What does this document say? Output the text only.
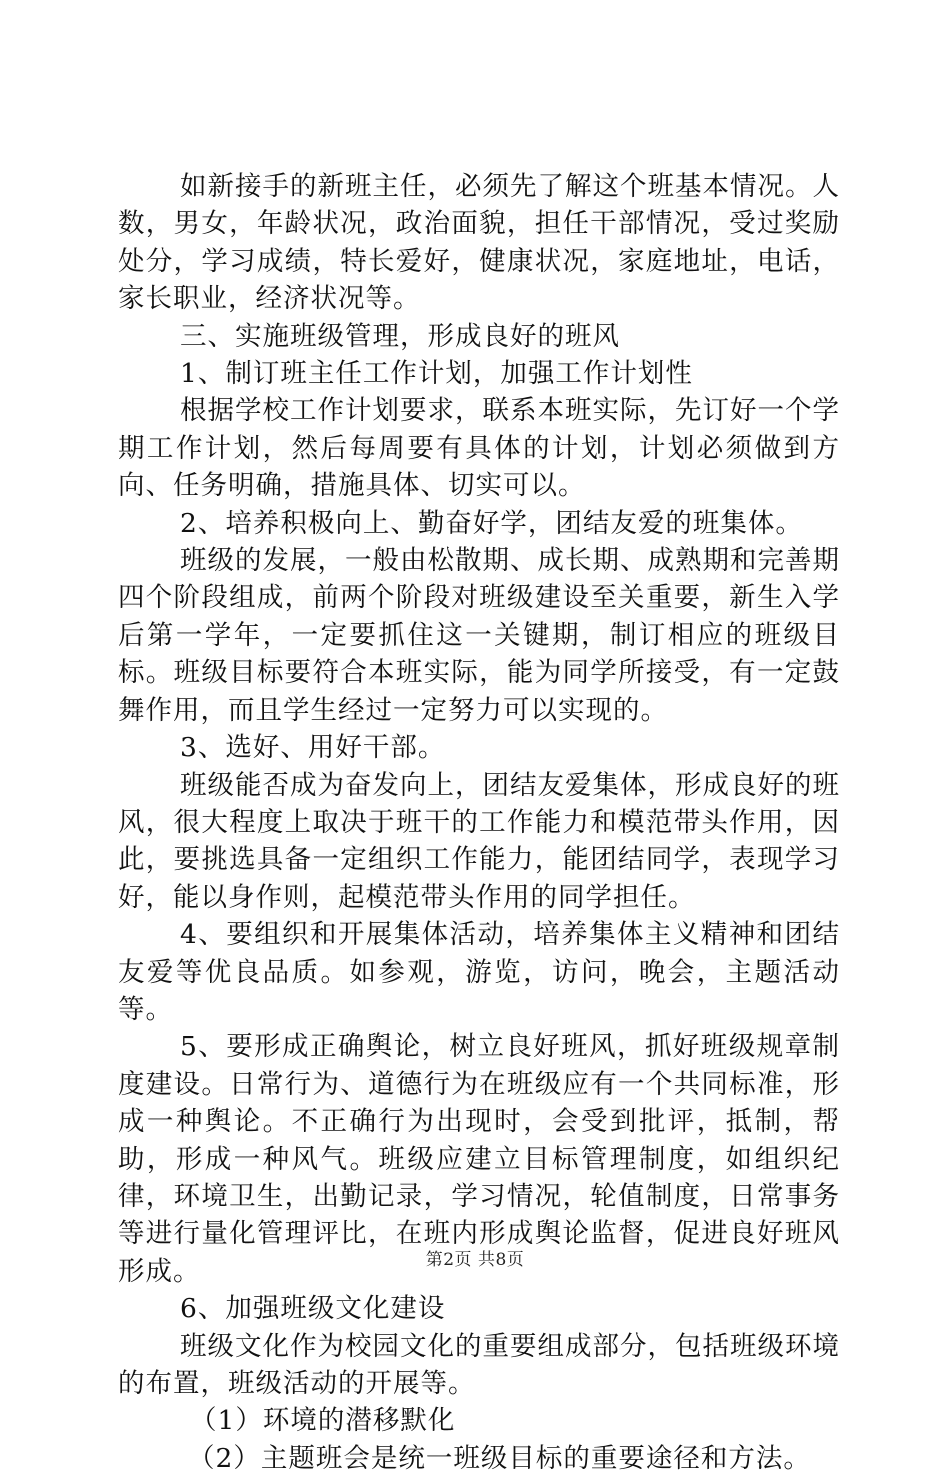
如新接手的新班主任，必须先了解这个班基本情况。人数，男女，年龄状况，政治面貌，担任干部情况，受过奖励处分，学习成绩，特长爱好，健康状况，家庭地址，电话，家长职业，经济状况等。

三、实施班级管理，形成良好的班风

1、制订班主任工作计划，加强工作计划性

根据学校工作计划要求，联系本班实际，先订好一个学期工作计划，然后每周要有具体的计划，计划必须做到方向、任务明确，措施具体、切实可以。

2、培养积极向上、勤奋好学，团结友爱的班集体。

班级的发展，一般由松散期、成长期、成熟期和完善期四个阶段组成，前两个阶段对班级建设至关重要，新生入学后第一学年，一定要抓住这一关键期，制订相应的班级目标。班级目标要符合本班实际，能为同学所接受，有一定鼓舞作用，而且学生经过一定努力可以实现的。

3、选好、用好干部。

班级能否成为奋发向上，团结友爱集体，形成良好的班风，很大程度上取决于班干的工作能力和模范带头作用，因此，要挑选具备一定组织工作能力，能团结同学，表现学习好，能以身作则，起模范带头作用的同学担任。

4、要组织和开展集体活动，培养集体主义精神和团结友爱等优良品质。如参观，游览，访问，晚会，主题活动等。

5、要形成正确舆论，树立良好班风，抓好班级规章制度建设。日常行为、道德行为在班级应有一个共同标准，形成一种舆论。不正确行为出现时，会受到批评，抵制，帮助，形成一种风气。班级应建立目标管理制度，如组织纪律，环境卫生，出勤记录，学习情况，轮值制度，日常事务等进行量化管理评比，在班内形成舆论监督，促进良好班风形成。

6、加强班级文化建设

班级文化作为校园文化的重要组成部分，包括班级环境的布置，班级活动的开展等。

（1）环境的潜移默化

（2）主题班会是统一班级目标的重要途径和方法。

第2页 共8页
